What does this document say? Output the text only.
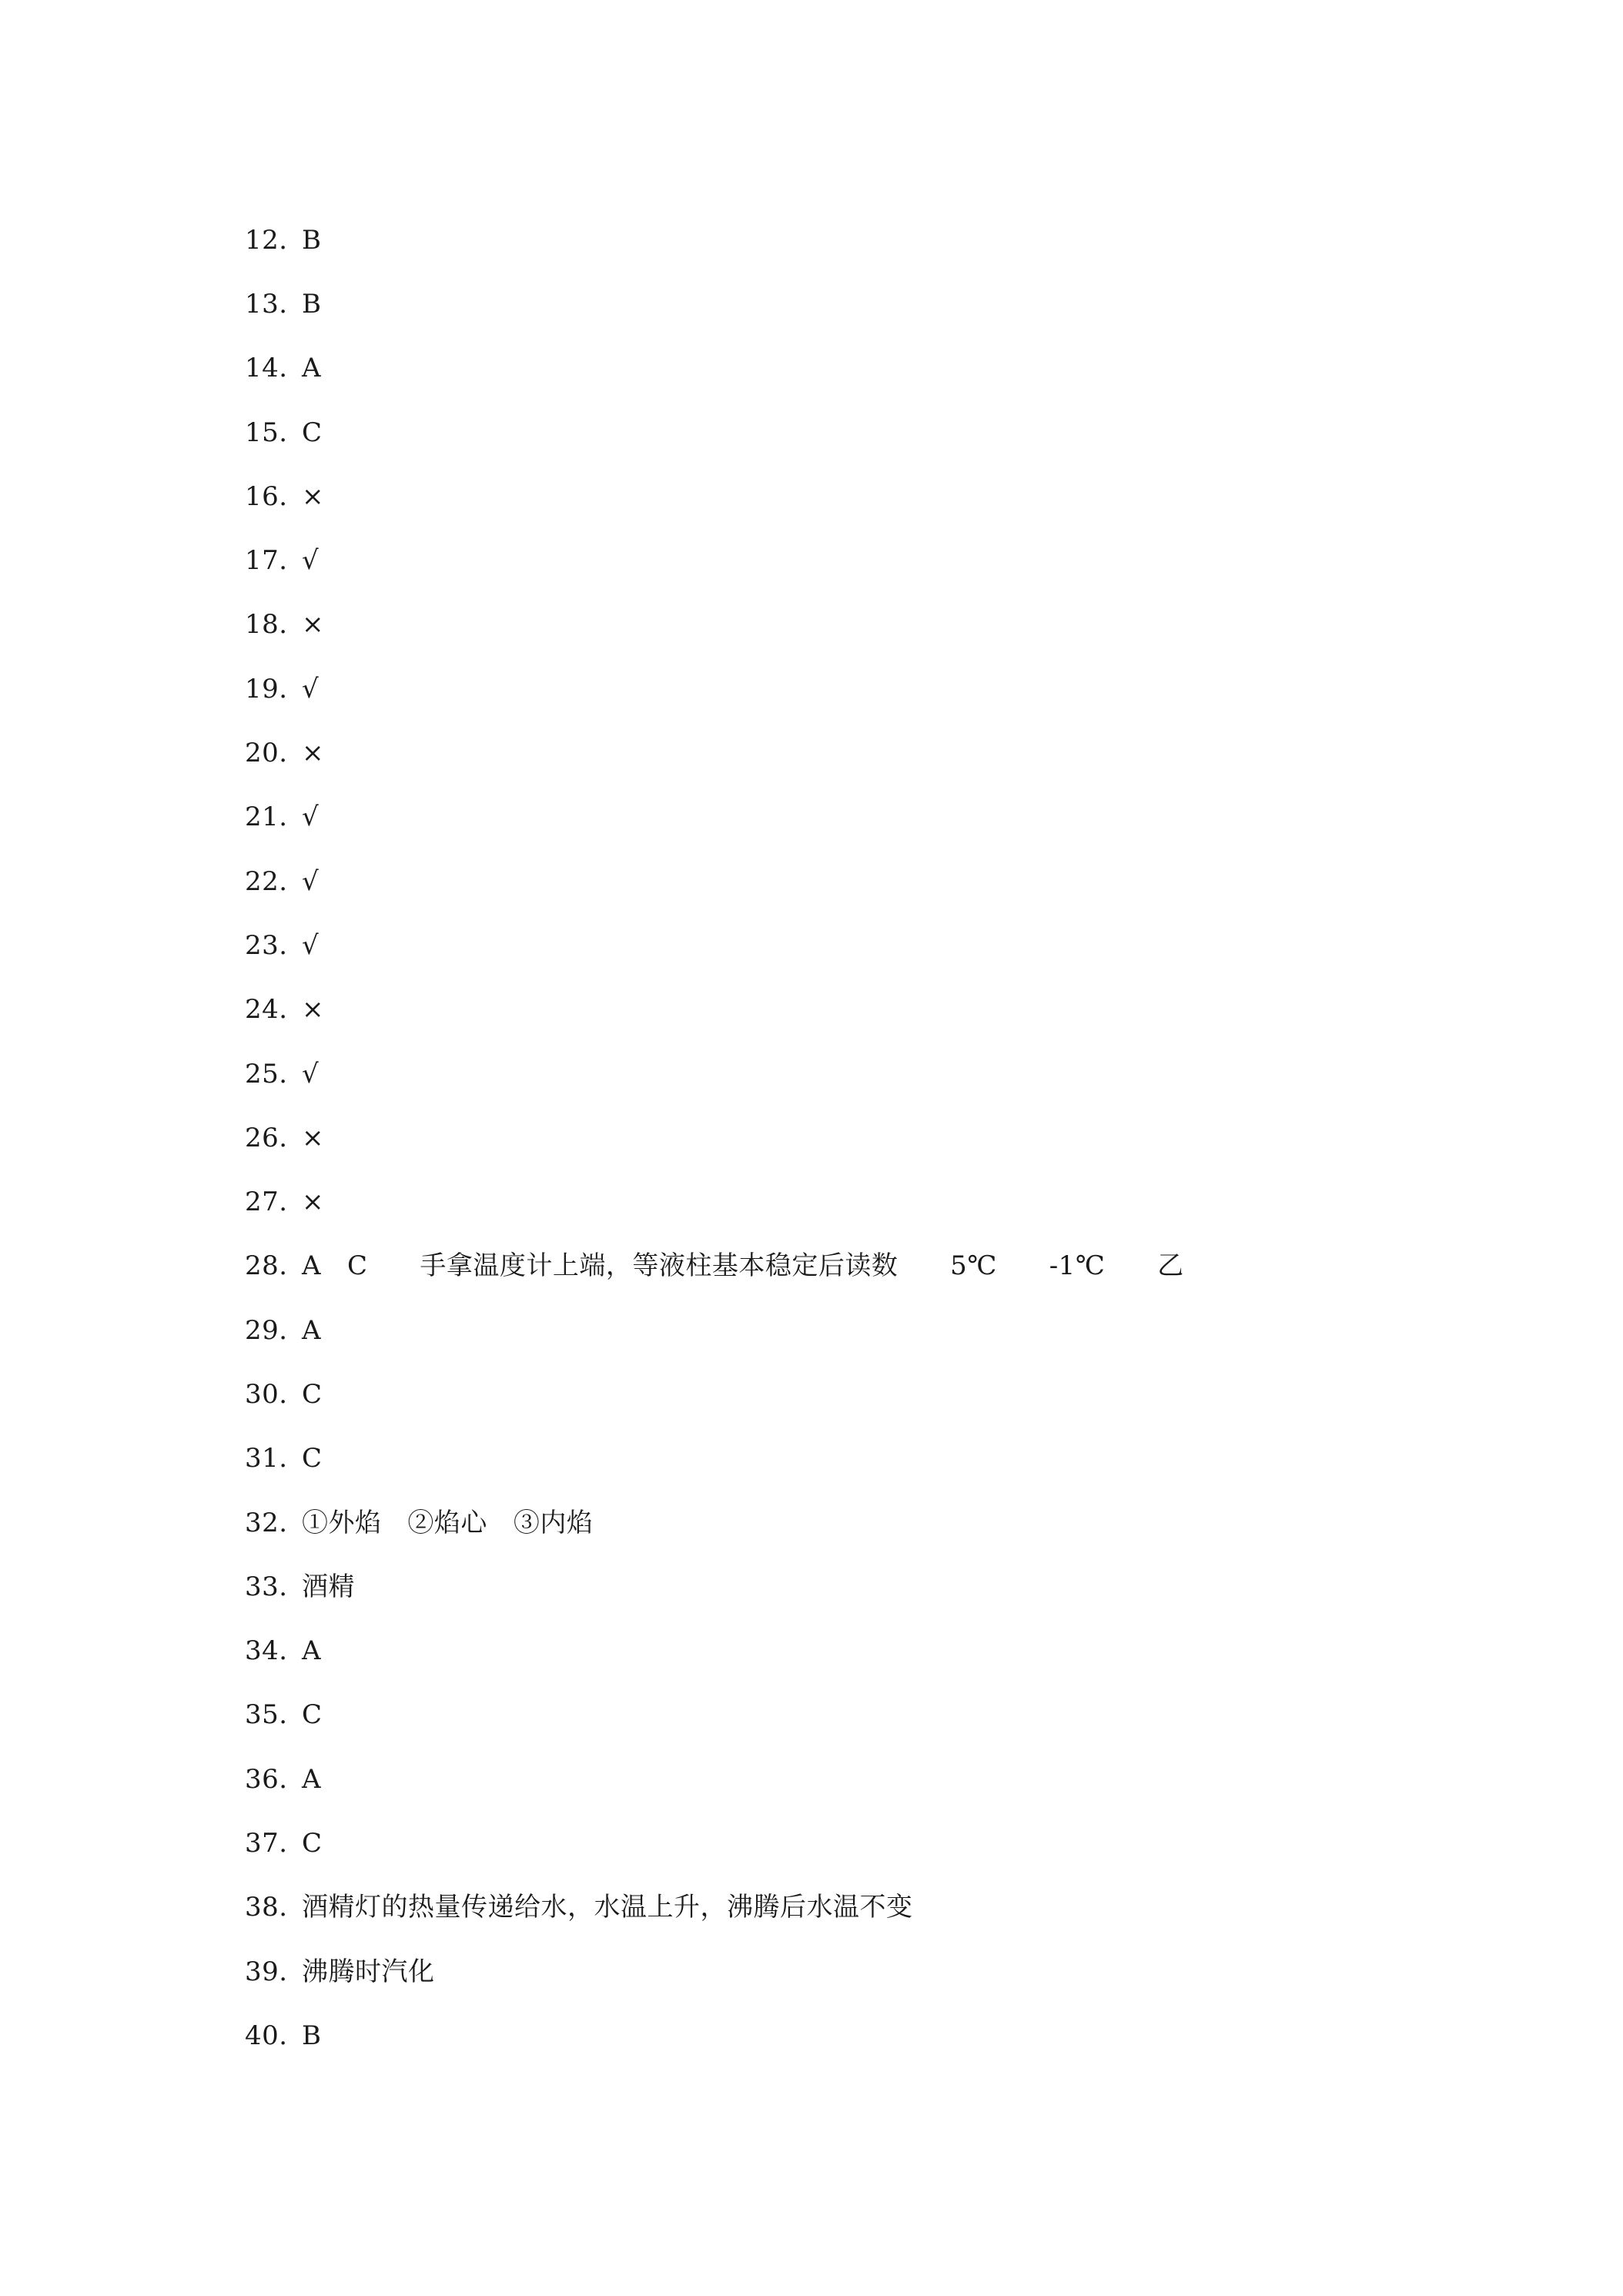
12. B
13. B
14. A
15. C
16. ×
17. √
18. ×
19. √
20. ×
21. √
22. √
23. √
24. ×
25. √
26. ×
27. ×
28. A   C      手拿温度计上端，等液柱基本稳定后读数      5℃      -1℃      乙
29. A
30. C
31. C
32. ①外焰   ②焰心   ③内焰
33. 酒精
34. A
35. C
36. A
37. C
38. 酒精灯的热量传递给水，水温上升，沸腾后水温不变
39. 沸腾时汽化
40. B
